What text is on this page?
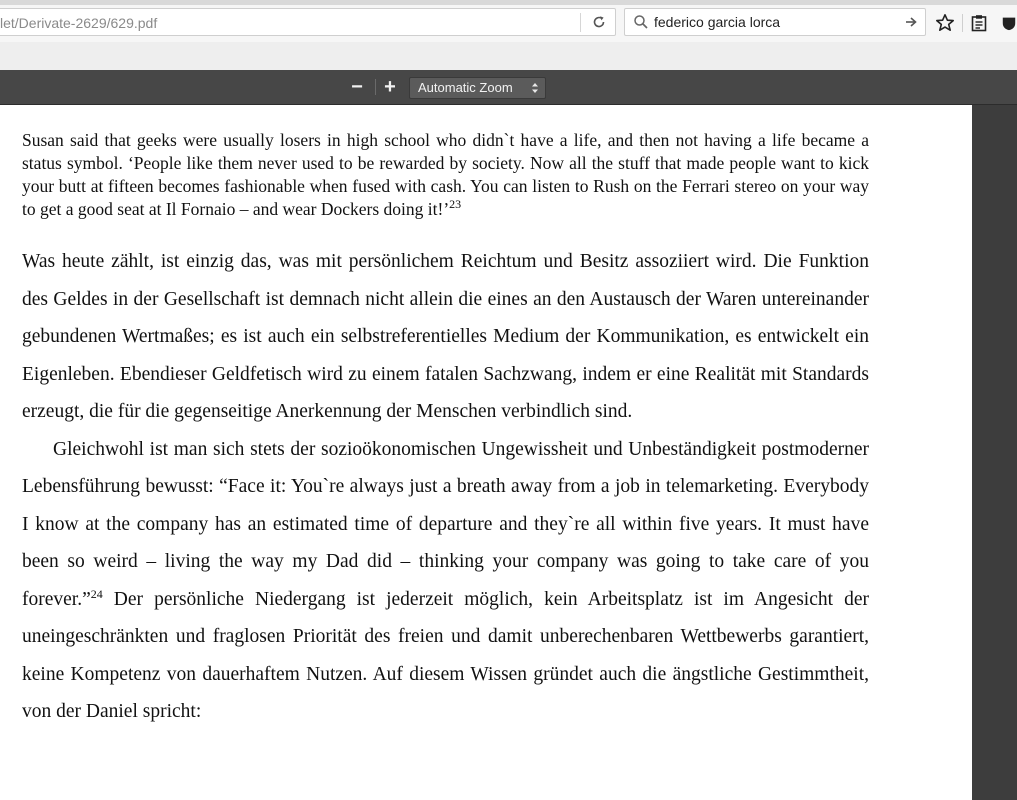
let/Derivate-2629/629.pdf
federico garcia lorca
−	+	Automatic Zoom

Susan said that geeks were usually losers in high school who didn`t have a life, and then not having a life became a status symbol. ‘People like them never used to be rewarded by society. Now all the stuff that made people want to kick your butt at fifteen becomes fashionable when fused with cash. You can listen to Rush on the Ferrari stereo on your way to get a good seat at Il Fornaio – and wear Dockers doing it!’$^{23}$

Was heute zählt, ist einzig das, was mit persönlichem Reichtum und Besitz assoziiert wird. Die Funktion des Geldes in der Gesellschaft ist demnach nicht allein die eines an den Austausch der Waren untereinander gebundenen Wertmaßes; es ist auch ein selbstreferentielles Medium der Kommunikation, es entwickelt ein Eigenleben. Ebendieser Geldfetisch wird zu einem fatalen Sachzwang, indem er eine Realität mit Standards erzeugt, die für die gegenseitige Anerkennung der Menschen verbindlich sind.

Gleichwohl ist man sich stets der sozioökonomischen Ungewissheit und Unbeständigkeit postmoderner Lebensführung bewusst: “Face it: You`re always just a breath away from a job in telemarketing. Everybody I know at the company has an estimated time of departure and they`re all within five years. It must have been so weird – living the way my Dad did – thinking your company was going to take care of you forever.”$^{24}$ Der persönliche Niedergang ist jederzeit möglich, kein Arbeitsplatz ist im Angesicht der uneingeschränkten und fraglosen Priorität des freien und damit unberechenbaren Wettbewerbs garantiert, keine Kompetenz von dauerhaftem Nutzen. Auf diesem Wissen gründet auch die ängstliche Gestimmtheit, von der Daniel spricht:
